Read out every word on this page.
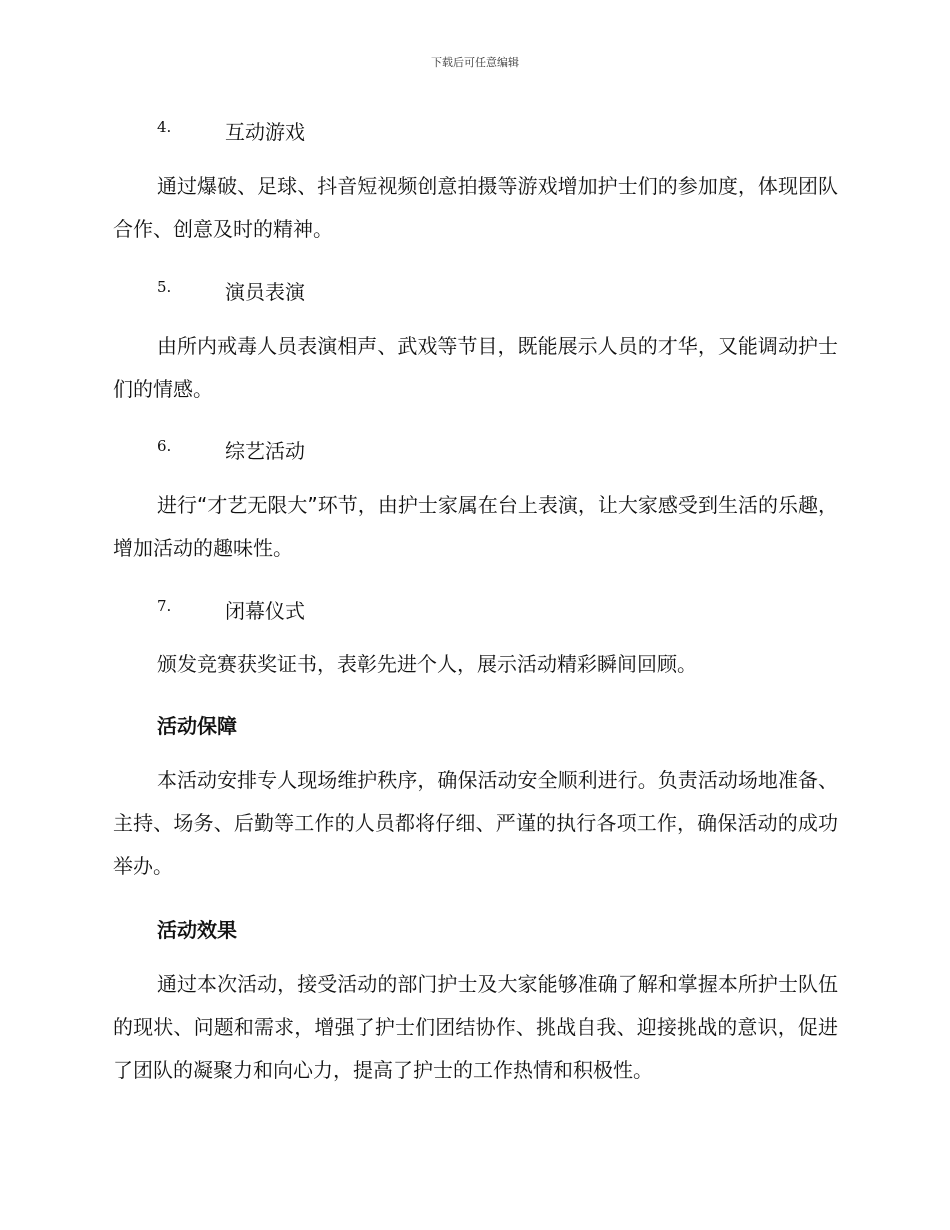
下载后可任意编辑
4.	互动游戏
通过爆破、足球、抖音短视频创意拍摄等游戏增加护士们的参加度，体现团队合作、创意及时的精神。
5.	演员表演
由所内戒毒人员表演相声、武戏等节目，既能展示人员的才华，又能调动护士们的情感。
6.	综艺活动
进行“才艺无限大”环节，由护士家属在台上表演，让大家感受到生活的乐趣，增加活动的趣味性。
7.	闭幕仪式
颁发竞赛获奖证书，表彰先进个人，展示活动精彩瞬间回顾。
活动保障
本活动安排专人现场维护秩序，确保活动安全顺利进行。负责活动场地准备、主持、场务、后勤等工作的人员都将仔细、严谨的执行各项工作，确保活动的成功举办。
活动效果
通过本次活动，接受活动的部门护士及大家能够准确了解和掌握本所护士队伍的现状、问题和需求，增强了护士们团结协作、挑战自我、迎接挑战的意识，促进了团队的凝聚力和向心力，提高了护士的工作热情和积极性。
